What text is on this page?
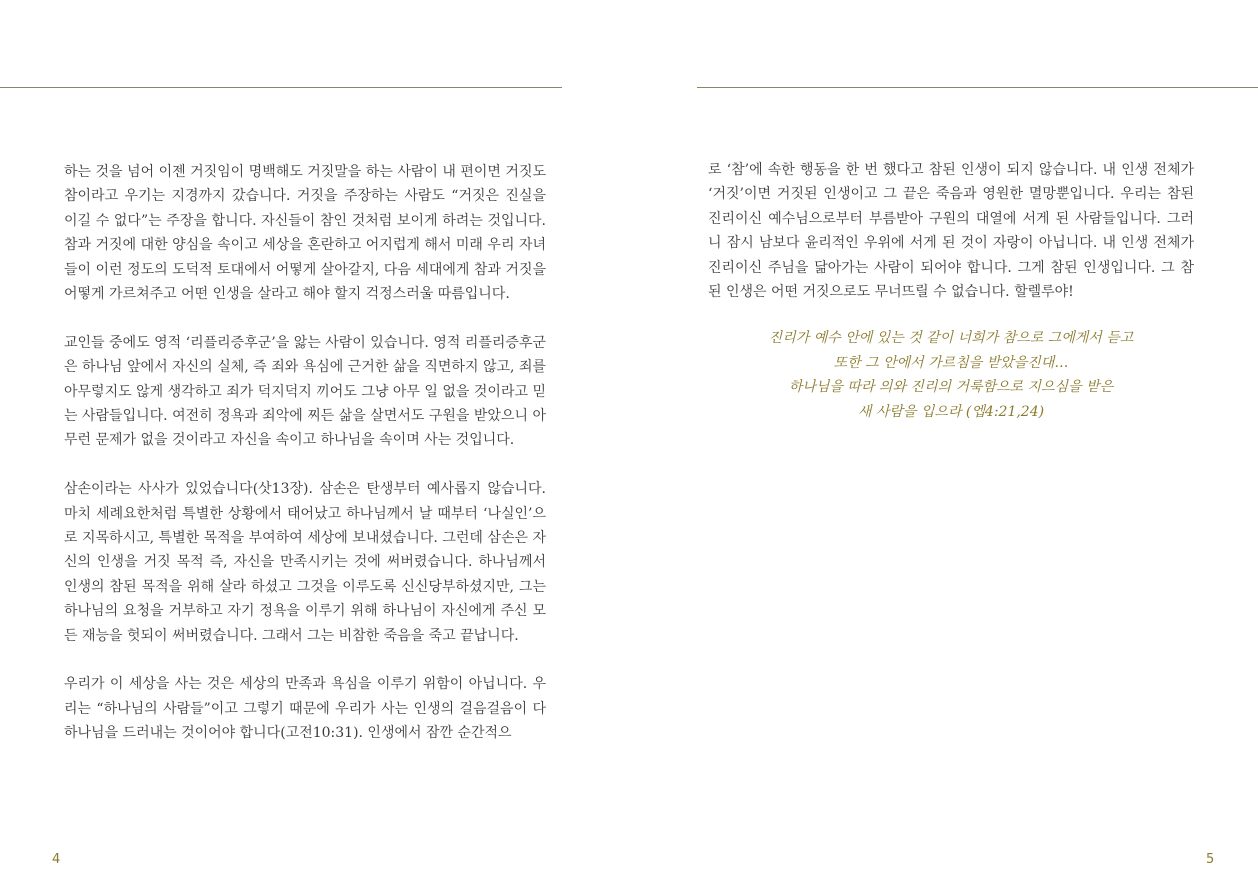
하는 것을 넘어 이젠 거짓임이 명백해도 거짓말을 하는 사람이 내 편이면 거짓도 참이라고 우기는 지경까지 갔습니다. 거짓을 주장하는 사람도 “거짓은 진실을 이길 수 없다”는 주장을 합니다. 자신들이 참인 것처럼 보이게 하려는 것입니다. 참과 거짓에 대한 양심을 속이고 세상을 혼란하고 어지럽게 해서 미래 우리 자녀들이 이런 정도의 도덕적 토대에서 어떻게 살아갈지, 다음 세대에게 참과 거짓을 어떻게 가르쳐주고 어떤 인생을 살라고 해야 할지 걱정스러울 따름입니다.

교인들 중에도 영적 ‘리플리증후군’을 앓는 사람이 있습니다. 영적 리플리증후군은 하나님 앞에서 자신의 실체, 즉 죄와 욕심에 근거한 삶을 직면하지 않고, 죄를 아무렇지도 않게 생각하고 죄가 덕지덕지 끼어도 그냥 아무 일 없을 것이라고 믿는 사람들입니다. 여전히 정욕과 죄악에 찌든 삶을 살면서도 구원을 받았으니 아무런 문제가 없을 것이라고 자신을 속이고 하나님을 속이며 사는 것입니다.

삼손이라는 사사가 있었습니다(삿13장). 삼손은 탄생부터 예사롭지 않습니다. 마치 세례요한처럼 특별한 상황에서 태어났고 하나님께서 날 때부터 ‘나실인’으로 지목하시고, 특별한 목적을 부여하여 세상에 보내셨습니다. 그런데 삼손은 자신의 인생을 거짓 목적 즉, 자신을 만족시키는 것에 써버렸습니다. 하나님께서 인생의 참된 목적을 위해 살라 하셨고 그것을 이루도록 신신당부하셨지만, 그는 하나님의 요청을 거부하고 자기 정욕을 이루기 위해 하나님이 자신에게 주신 모든 재능을 헛되이 써버렸습니다. 그래서 그는 비참한 죽음을 죽고 끝납니다.

우리가 이 세상을 사는 것은 세상의 만족과 욕심을 이루기 위함이 아닙니다. 우리는 “하나님의 사람들”이고 그렇기 때문에 우리가 사는 인생의 걸음걸음이 다 하나님을 드러내는 것이어야 합니다(고전10:31). 인생에서 잠깐 순간적으

4

로 ‘참’에 속한 행동을 한 번 했다고 참된 인생이 되지 않습니다. 내 인생 전체가 ‘거짓’이면 거짓된 인생이고 그 끝은 죽음과 영원한 멸망뿐입니다. 우리는 참된 진리이신 예수님으로부터 부름받아 구원의 대열에 서게 된 사람들입니다. 그러니 잠시 남보다 윤리적인 우위에 서게 된 것이 자랑이 아닙니다. 내 인생 전체가 진리이신 주님을 닮아가는 사람이 되어야 합니다. 그게 참된 인생입니다. 그 참된 인생은 어떤 거짓으로도 무너뜨릴 수 없습니다. 할렐루야!

진리가 예수 안에 있는 것 같이 너희가 참으로 그에게서 듣고
또한 그 안에서 가르침을 받았을진대…
하나님을 따라 의와 진리의 거룩함으로 지으심을 받은
새 사람을 입으라 (엡4:21,24)
5
